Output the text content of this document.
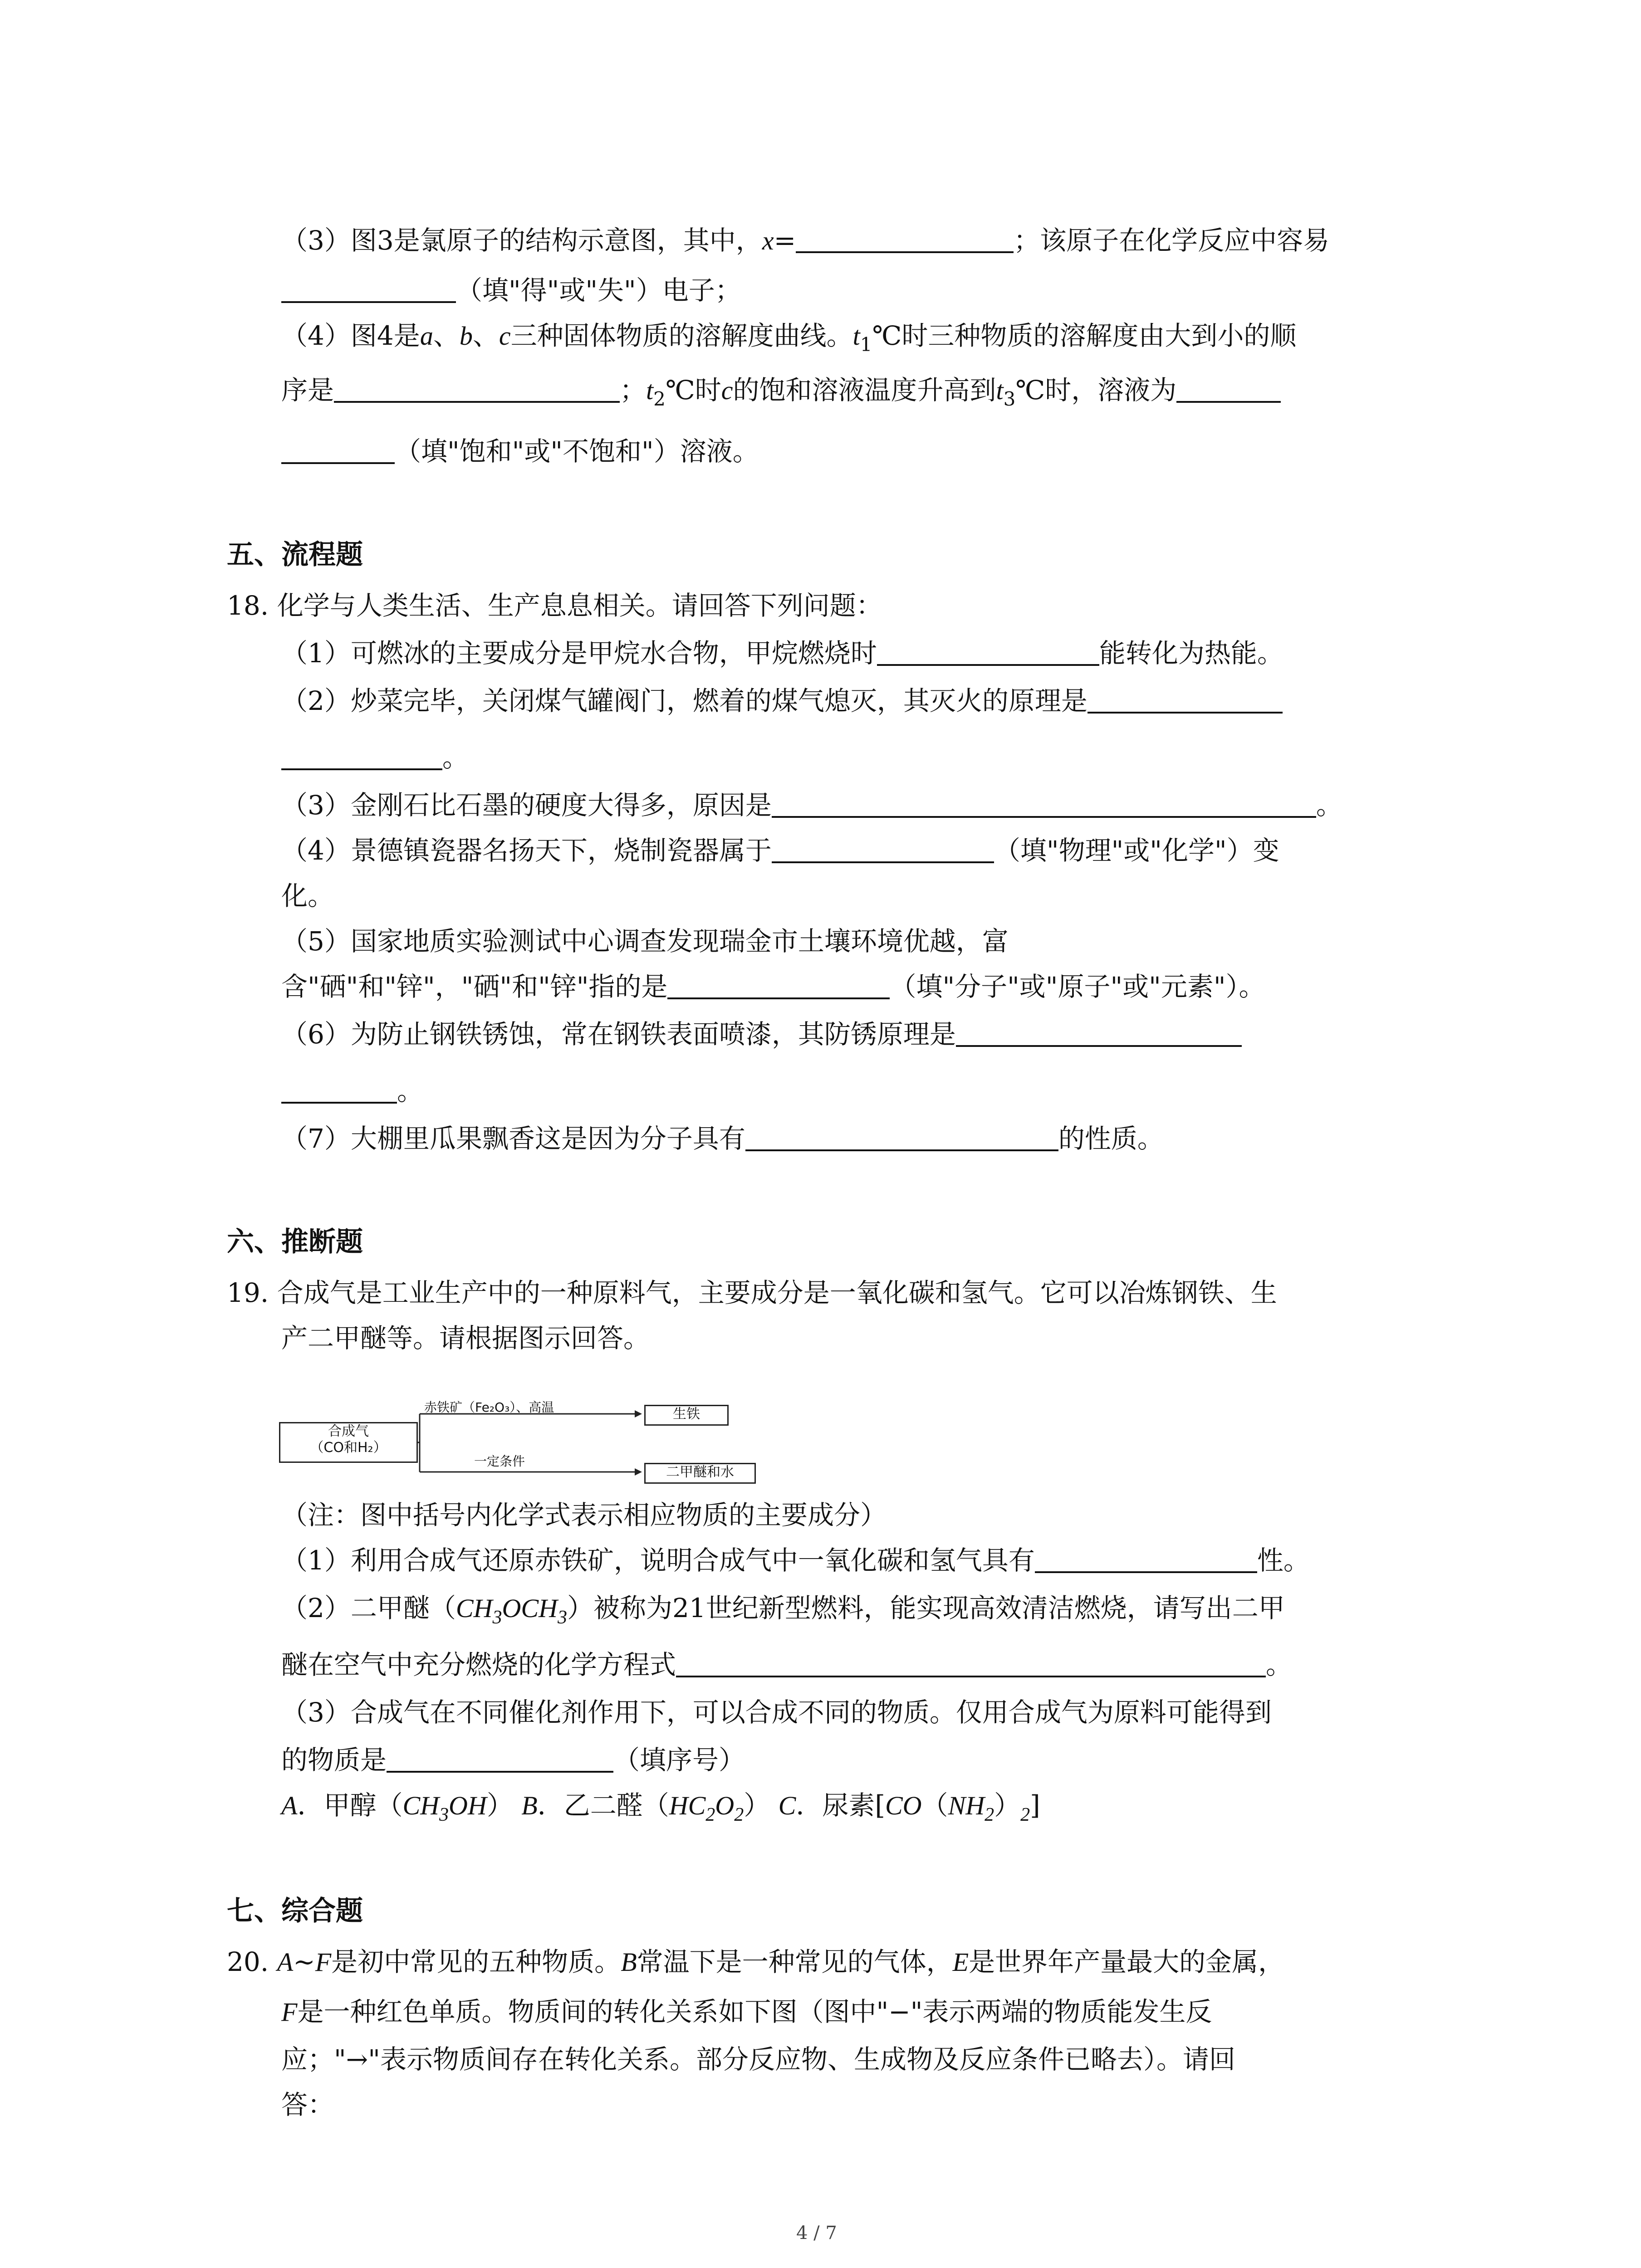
（3）图3是氯原子的结构示意图，其中，x=	；该原子在化学反应中容易
（填"得"或"失"）电子；
（4）图4是a、b、c三种固体物质的溶解度曲线。$t_1℃$时三种物质的溶解度由大到小的顺
序是	；$t_2℃$时c的饱和溶液温度升高到$t_3℃$时，溶液为
（填"饱和"或"不饱和"）溶液。
五、流程题
18. 化学与人类生活、生产息息相关。请回答下列问题：
（1）可燃冰的主要成分是甲烷水合物，甲烷燃烧时	能转化为热能。
（2）炒菜完毕，关闭煤气罐阀门，燃着的煤气熄灭，其灭火的原理是
。
（3）金刚石比石墨的硬度大得多，原因是	。
（4）景德镇瓷器名扬天下，烧制瓷器属于	（填"物理"或"化学"）变
化。
（5）国家地质实验测试中心调查发现瑞金市土壤环境优越，富
含"硒"和"锌"，"硒"和"锌"指的是	（填"分子"或"原子"或"元素"）。
（6）为防止钢铁锈蚀，常在钢铁表面喷漆，其防锈原理是
。
（7）大棚里瓜果飘香这是因为分子具有	的性质。
六、推断题
19. 合成气是工业生产中的一种原料气，主要成分是一氧化碳和氢气。它可以冶炼钢铁、生
产二甲醚等。请根据图示回答。
合成气
（CO和H₂）
赤铁矿（Fe₂O₃）、高温
一定条件
生铁
二甲醚和水
（注：图中括号内化学式表示相应物质的主要成分）
（1）利用合成气还原赤铁矿，说明合成气中一氧化碳和氢气具有	性。
（2）二甲醚$(CH_3OCH_3)$被称为21世纪新型燃料，能实现高效清洁燃烧，请写出二甲
醚在空气中充分燃烧的化学方程式	。
（3）合成气在不同催化剂作用下，可以合成不同的物质。仅用合成气为原料可能得到
的物质是	（填序号）
A．甲醇$(CH_3OH)$ B．乙二醛$(HC_2O_2)$ C．尿素$[CO(NH_2)_2]$
七、综合题
20. A~F是初中常见的五种物质。B常温下是一种常见的气体，E是世界年产量最大的金属，
F是一种红色单质。物质间的转化关系如下图（图中"−"表示两端的物质能发生反
应；"→"表示物质间存在转化关系。部分反应物、生成物及反应条件已略去）。请回
答：
4 / 7
